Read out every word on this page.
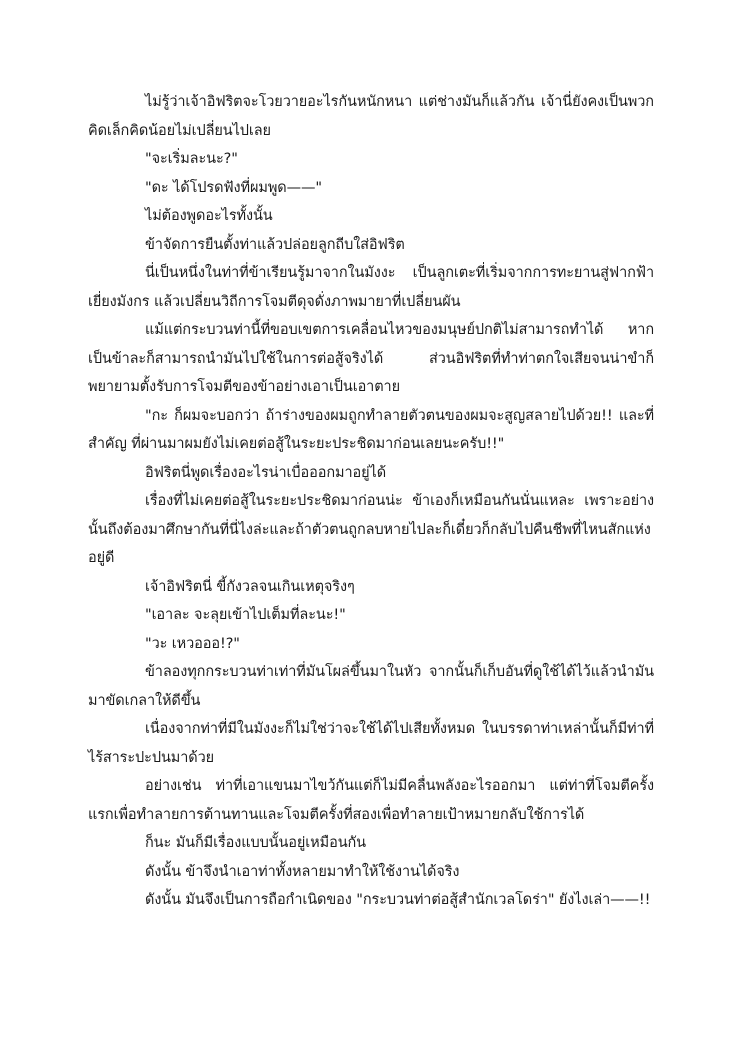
ไม่รู้ว่าเจ้าอิฟริตจะโวยวายอะไรกันหนักหนา แต่ช่างมันก็แล้วกัน เจ้านี่ยังคงเป็นพวกคิดเล็กคิดน้อยไม่เปลี่ยนไปเลย

"จะเริ่มละนะ?"

"ดะ ได้โปรดฟังที่ผมพูด——"

ไม่ต้องพูดอะไรทั้งนั้น

ข้าจัดการยืนตั้งท่าแล้วปล่อยลูกถีบใส่อิฟริต

นี่เป็นหนึ่งในท่าที่ข้าเรียนรู้มาจากในมังงะ เป็นลูกเตะที่เริ่มจากการทะยานสู่ฟากฟ้าเยี่ยงมังกร แล้วเปลี่ยนวิถีการโจมตีดุจดั่งภาพมายาที่เปลี่ยนผัน

แม้แต่กระบวนท่านี้ที่ขอบเขตการเคลื่อนไหวของมนุษย์ปกติไม่สามารถทำได้ หากเป็นข้าละก็สามารถนำมันไปใช้ในการต่อสู้จริงได้ ส่วนอิฟริตที่ทำท่าตกใจเสียจนน่าขำก็พยายามตั้งรับการโจมตีของข้าอย่างเอาเป็นเอาตาย

"กะ ก็ผมจะบอกว่า ถ้าร่างของผมถูกทำลายตัวตนของผมจะสูญสลายไปด้วย!! และที่สำคัญ ที่ผ่านมาผมยังไม่เคยต่อสู้ในระยะประชิดมาก่อนเลยนะครับ!!"

อิฟริตนี่พูดเรื่องอะไรน่าเบื่อออกมาอยู่ได้

เรื่องที่ไม่เคยต่อสู้ในระยะประชิดมาก่อนน่ะ ข้าเองก็เหมือนกันนั่นแหละ เพราะอย่างนั้นถึงต้องมาศึกษากันที่นี่ไงล่ะและถ้าตัวตนถูกลบหายไปละก็เดี๋ยวก็กลับไปคืนชีพที่ไหนสักแห่งอยู่ดี

เจ้าอิฟริตนี่ ขี้กังวลจนเกินเหตุจริงๆ

"เอาละ จะลุยเข้าไปเต็มที่ละนะ!"

"วะ เหวอออ!?"

ข้าลองทุกกระบวนท่าเท่าที่มันโผล่ขึ้นมาในหัว จากนั้นก็เก็บอันที่ดูใช้ได้ไว้แล้วนำมันมาขัดเกลาให้ดีขึ้น

เนื่องจากท่าที่มีในมังงะก็ไม่ใช่ว่าจะใช้ได้ไปเสียทั้งหมด ในบรรดาท่าเหล่านั้นก็มีท่าที่ไร้สาระปะปนมาด้วย

อย่างเช่น ท่าที่เอาแขนมาไขว้กันแต่ก็ไม่มีคลื่นพลังอะไรออกมา แต่ท่าที่โจมตีครั้งแรกเพื่อทำลายการต้านทานและโจมตีครั้งที่สองเพื่อทำลายเป้าหมายกลับใช้การได้

ก็นะ มันก็มีเรื่องแบบนั้นอยู่เหมือนกัน

ดังนั้น ข้าจึงนำเอาท่าทั้งหลายมาทำให้ใช้งานได้จริง

ดังนั้น มันจึงเป็นการถือกำเนิดของ "กระบวนท่าต่อสู้สำนักเวลโดร่า" ยังไงเล่า——!!
